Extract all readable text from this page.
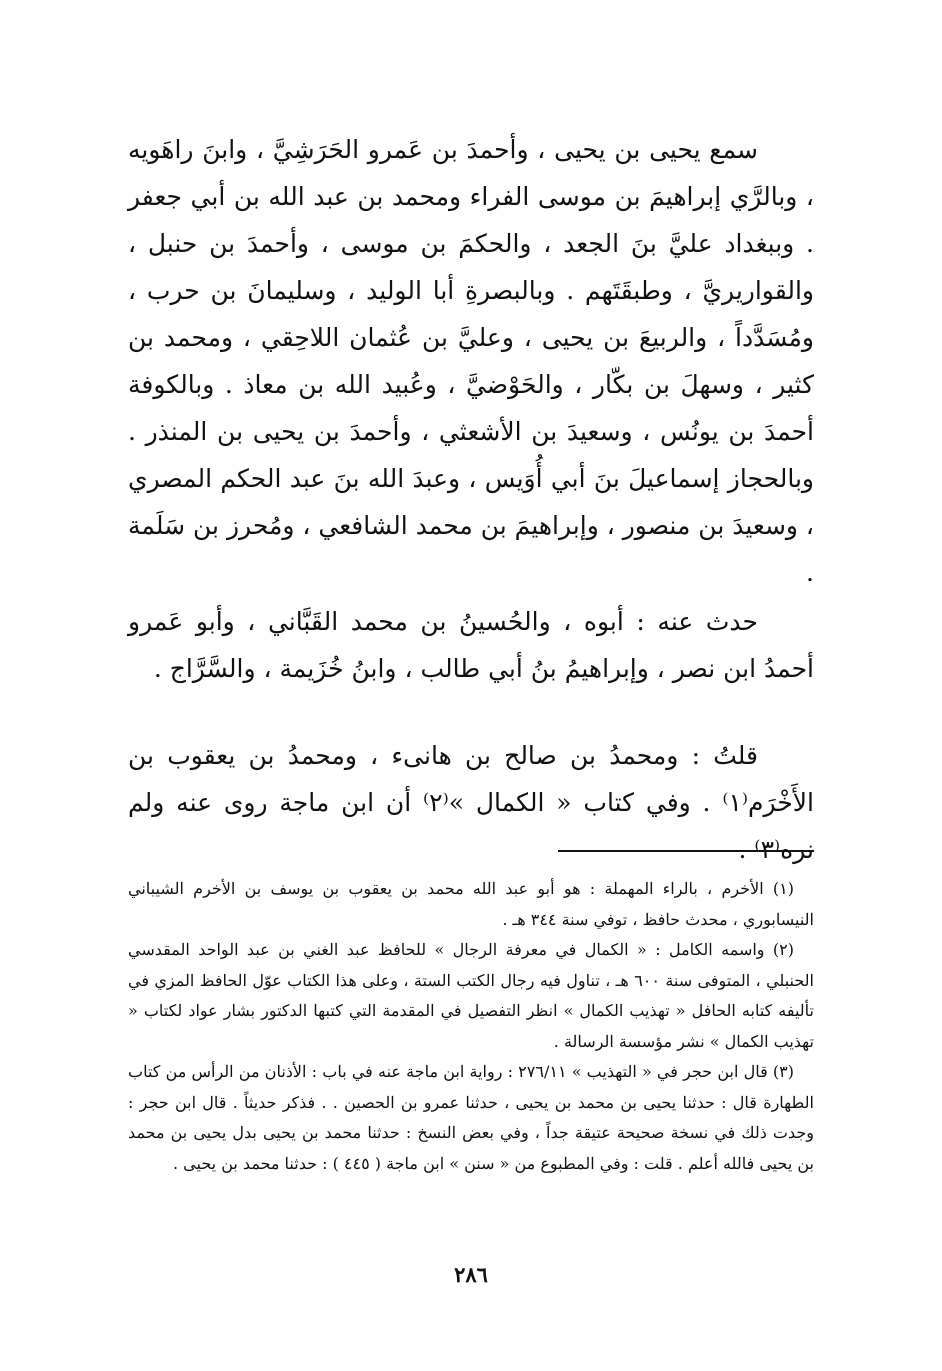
سمع يحيى بن يحيى ، وأحمدَ بن عَمرو الحَرَشِيَّ ، وابنَ راهَويه ، وبالرَّي إبراهيمَ بن موسى الفراء ومحمد بن عبد الله بن أبي جعفر . وببغداد عليَّ بنَ الجعد ، والحكمَ بن موسى ، وأحمدَ بن حنبل ، والقواريريَّ ، وطبقَتَهم . وبالبصرةِ أبا الوليد ، وسليمانَ بن حرب ، ومُسَدَّداً ، والربيعَ بن يحيى ، وعليَّ بن عُثمان اللاحِقي ، ومحمد بن كثير ، وسهلَ بن بكّار ، والحَوْضيَّ ، وعُبيد الله بن معاذ . وبالكوفة أحمدَ بن يونُس ، وسعيدَ بن الأشعثي ، وأحمدَ بن يحيى بن المنذر . وبالحجاز إسماعيلَ بنَ أبي أُوَيس ، وعبدَ الله بنَ عبد الحكم المصري ، وسعيدَ بن منصور ، وإبراهيمَ بن محمد الشافعي ، ومُحرز بن سَلَمة .

حدث عنه : أبوه ، والحُسينُ بن محمد القَبَّاني ، وأبو عَمرو أحمدُ ابن نصر ، وإبراهيمُ بنُ أبي طالب ، وابنُ خُزَيمة ، والسَّرَّاج .

قلتُ : ومحمدُ بن صالح بن هانىء ، ومحمدُ بن يعقوب بن الأَخْرَم⁽١⁾ . وفي كتاب « الكمال »⁽٢⁾ أن ابن ماجة روى عنه ولم نره⁽٣⁾ .

(١) الأخرم ، بالراء المهملة : هو أبو عبد الله محمد بن يعقوب بن يوسف بن الأخرم الشيباني النيسابوري ، محدث حافظ ، توفي سنة ٣٤٤ هـ .

(٢) واسمه الكامل : « الكمال في معرفة الرجال » للحافظ عبد الغني بن عبد الواحد المقدسي الحنبلي ، المتوفى سنة ٦٠٠ هـ ، تناول فيه رجال الكتب الستة ، وعلى هذا الكتاب عوّل الحافظ المزي في تأليفه كتابه الحافل « تهذيب الكمال » انظر التفصيل في المقدمة التي كتبها الدكتور بشار عواد لكتاب « تهذيب الكمال » نشر مؤسسة الرسالة .

(٣) قال ابن حجر في « التهذيب » ٢٧٦/١١ : رواية ابن ماجة عنه في باب : الأذنان من الرأس من كتاب الطهارة قال : حدثنا يحيى بن محمد بن يحيى ، حدثنا عمرو بن الحصين . . فذكر حديثاً . قال ابن حجر : وجدت ذلك في نسخة صحيحة عتيقة جداً ، وفي بعض النسخ : حدثنا محمد بن يحيى بدل يحيى بن محمد بن يحيى فالله أعلم . قلت : وفي المطبوع من « سنن » ابن ماجة ( ٤٤٥ ) : حدثنا محمد بن يحيى .

٢٨٦
